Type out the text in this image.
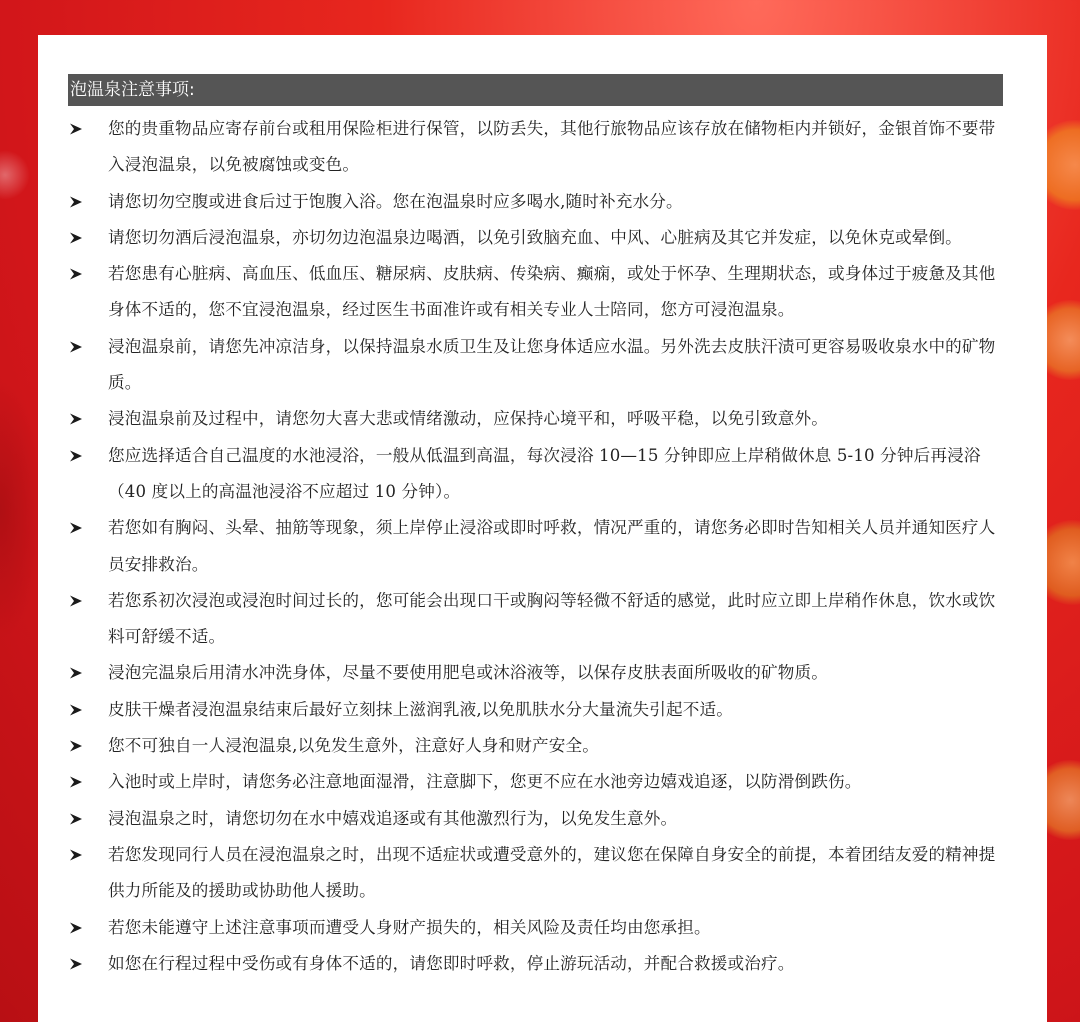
泡温泉注意事项:
您的贵重物品应寄存前台或租用保险柜进行保管，以防丢失，其他行旅物品应该存放在储物柜内并锁好，金银首饰不要带入浸泡温泉，以免被腐蚀或变色。
请您切勿空腹或进食后过于饱腹入浴。您在泡温泉时应多喝水,随时补充水分。
请您切勿酒后浸泡温泉，亦切勿边泡温泉边喝酒，以免引致脑充血、中风、心脏病及其它并发症，以免休克或晕倒。
若您患有心脏病、高血压、低血压、糖尿病、皮肤病、传染病、癫痫，或处于怀孕、生理期状态，或身体过于疲惫及其他身体不适的，您不宜浸泡温泉，经过医生书面准许或有相关专业人士陪同，您方可浸泡温泉。
浸泡温泉前，请您先冲凉洁身，以保持温泉水质卫生及让您身体适应水温。另外洗去皮肤汗渍可更容易吸收泉水中的矿物质。
浸泡温泉前及过程中，请您勿大喜大悲或情绪激动，应保持心境平和，呼吸平稳，以免引致意外。
您应选择适合自己温度的水池浸浴，一般从低温到高温，每次浸浴 10—15 分钟即应上岸稍做休息 5-10 分钟后再浸浴（40 度以上的高温池浸浴不应超过 10 分钟）。
若您如有胸闷、头晕、抽筋等现象，须上岸停止浸浴或即时呼救，情况严重的，请您务必即时告知相关人员并通知医疗人员安排救治。
若您系初次浸泡或浸泡时间过长的，您可能会出现口干或胸闷等轻微不舒适的感觉，此时应立即上岸稍作休息，饮水或饮料可舒缓不适。
浸泡完温泉后用清水冲洗身体，尽量不要使用肥皂或沐浴液等，以保存皮肤表面所吸收的矿物质。
皮肤干燥者浸泡温泉结束后最好立刻抹上滋润乳液,以免肌肤水分大量流失引起不适。
您不可独自一人浸泡温泉,以免发生意外，注意好人身和财产安全。
入池时或上岸时，请您务必注意地面湿滑，注意脚下，您更不应在水池旁边嬉戏追逐，以防滑倒跌伤。
浸泡温泉之时，请您切勿在水中嬉戏追逐或有其他激烈行为，以免发生意外。
若您发现同行人员在浸泡温泉之时，出现不适症状或遭受意外的，建议您在保障自身安全的前提，本着团结友爱的精神提供力所能及的援助或协助他人援助。
若您未能遵守上述注意事项而遭受人身财产损失的，相关风险及责任均由您承担。
如您在行程过程中受伤或有身体不适的，请您即时呼救，停止游玩活动，并配合救援或治疗。
